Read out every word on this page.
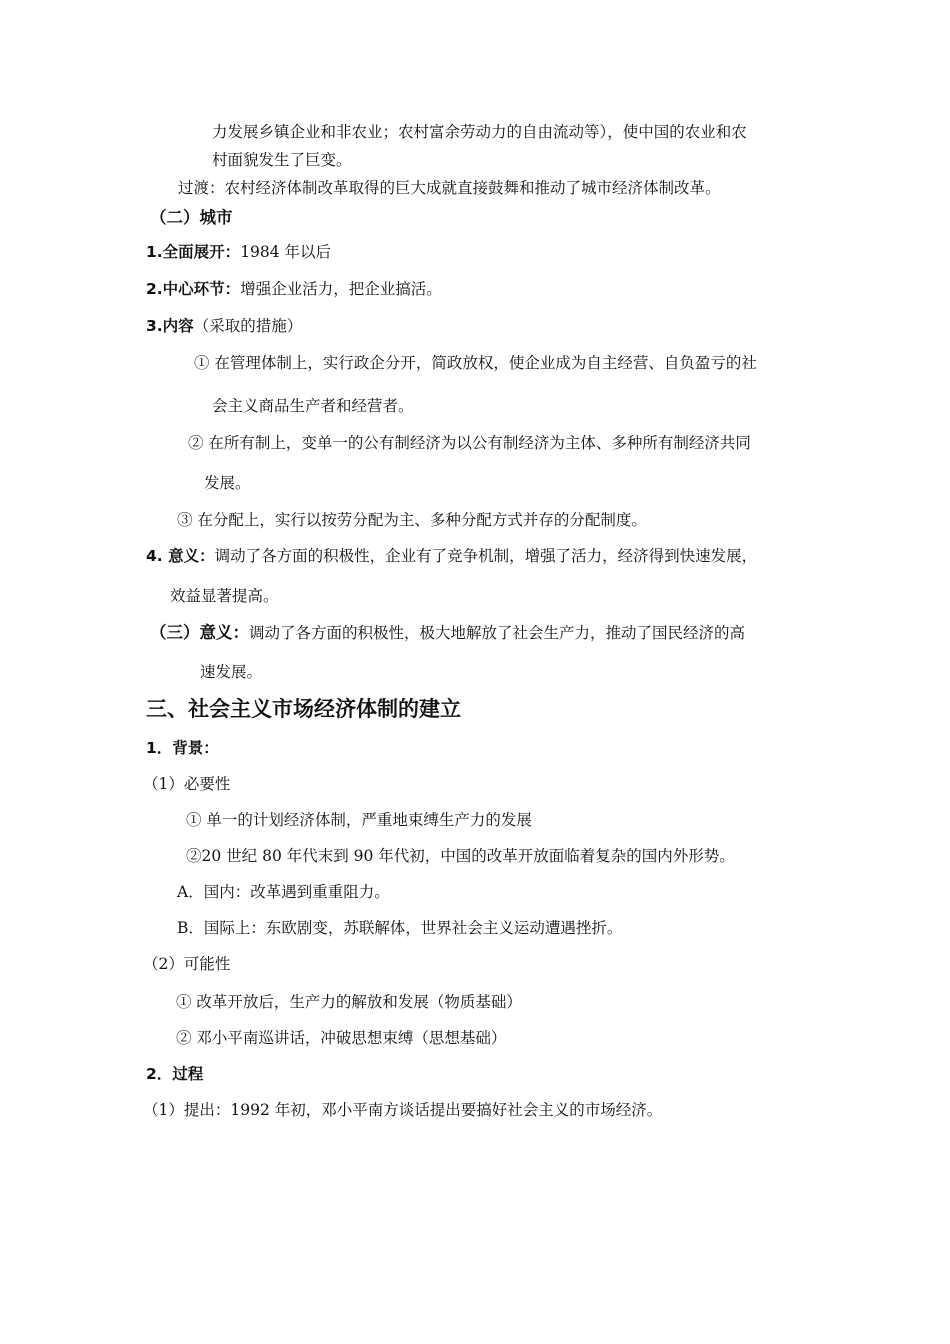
力发展乡镇企业和非农业；农村富余劳动力的自由流动等），使中国的农业和农
村面貌发生了巨变。
过渡：农村经济体制改革取得的巨大成就直接鼓舞和推动了城市经济体制改革。
（二）城市
1.全面展开：1984 年以后
2.中心环节：增强企业活力，把企业搞活。
3.内容（采取的措施）
① 在管理体制上，实行政企分开，简政放权，使企业成为自主经营、自负盈亏的社
会主义商品生产者和经营者。
② 在所有制上，变单一的公有制经济为以公有制经济为主体、多种所有制经济共同
发展。
③ 在分配上，实行以按劳分配为主、多种分配方式并存的分配制度。
4. 意义：调动了各方面的积极性，企业有了竞争机制，增强了活力，经济得到快速发展，
效益显著提高。
（三）意义：调动了各方面的积极性，极大地解放了社会生产力，推动了国民经济的高
速发展。
三、社会主义市场经济体制的建立
1．背景：
（1）必要性
① 单一的计划经济体制，严重地束缚生产力的发展
②20 世纪 80 年代末到 90 年代初，中国的改革开放面临着复杂的国内外形势。
A．国内：改革遇到重重阻力。
B．国际上：东欧剧变，苏联解体，世界社会主义运动遭遇挫折。
（2）可能性
① 改革开放后，生产力的解放和发展（物质基础）
② 邓小平南巡讲话，冲破思想束缚（思想基础）
2．过程
（1）提出：1992 年初，邓小平南方谈话提出要搞好社会主义的市场经济。
